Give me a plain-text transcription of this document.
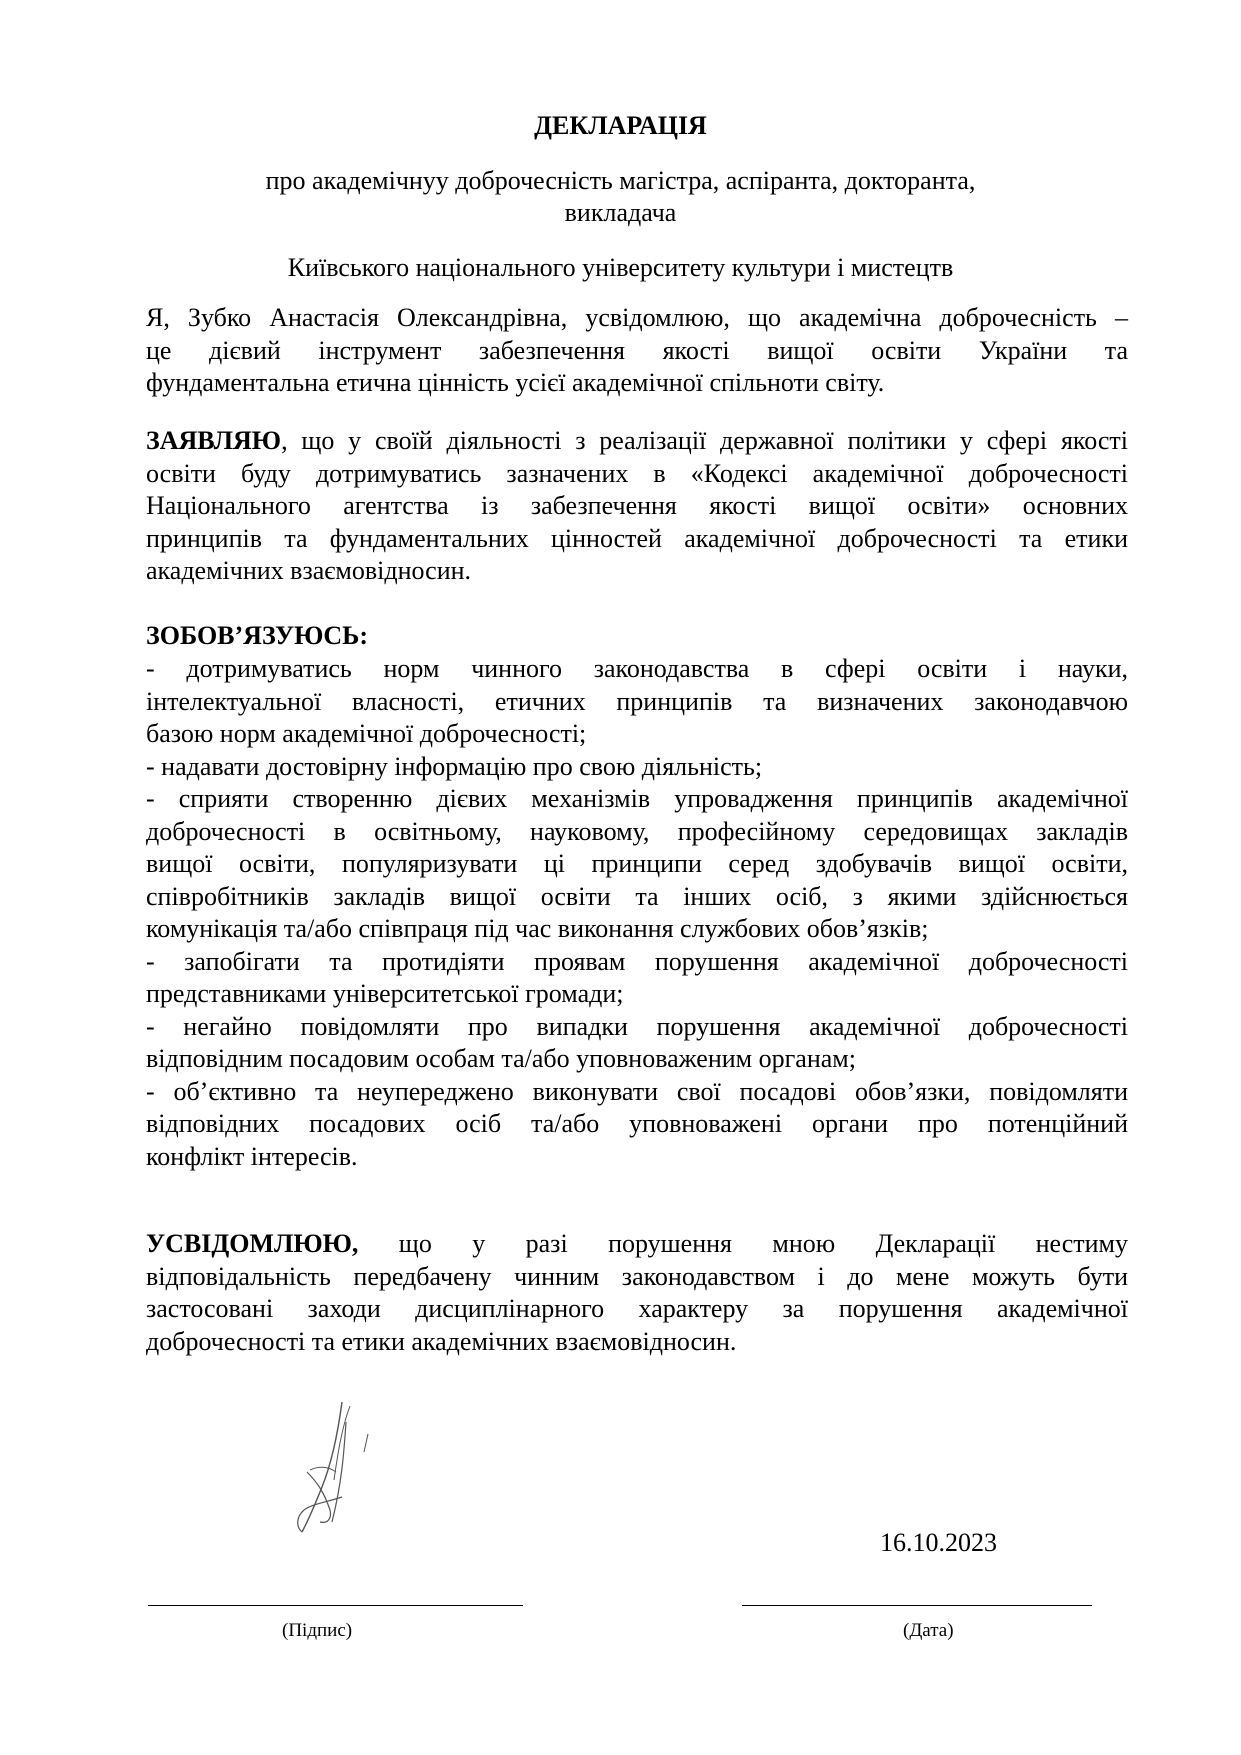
ДЕКЛАРАЦІЯ
про академічнуу доброчесність магістра, аспіранта, докторанта,
викладача
Київського національного університету культури і мистецтв
Я, Зубко Анастасія Олександрівна, усвідомлюю, що академічна доброчесність –
це дієвий інструмент забезпечення якості вищої освіти України та
фундаментальна етична цінність усієї академічної спільноти світу.
ЗАЯВЛЯЮ, що у своїй діяльності з реалізації державної політики у сфері якості
освіти буду дотримуватись зазначених в «Кодексі академічної доброчесності
Національного агентства із забезпечення якості вищої освіти» основних
принципів та фундаментальних цінностей академічної доброчесності та етики
академічних взаємовідносин.
ЗОБОВ’ЯЗУЮСЬ:
- дотримуватись норм чинного законодавства в сфері освіти і науки,
інтелектуальної власності, етичних принципів та визначених законодавчою
базою норм академічної доброчесності;
- надавати достовірну інформацію про свою діяльність;
- сприяти створенню дієвих механізмів упровадження принципів академічної
доброчесності в освітньому, науковому, професійному середовищах закладів
вищої освіти, популяризувати ці принципи серед здобувачів вищої освіти,
співробітників закладів вищої освіти та інших осіб, з якими здійснюється
комунікація та/або співпраця під час виконання службових обов’язків;
- запобігати та протидіяти проявам порушення академічної доброчесності
представниками університетської громади;
- негайно повідомляти про випадки порушення академічної доброчесності
відповідним посадовим особам та/або уповноваженим органам;
- об’єктивно та неупереджено виконувати свої посадові обов’язки, повідомляти
відповідних посадових осіб та/або уповноважені органи про потенційний
конфлікт інтересів.
УСВІДОМЛЮЮ, що у разі порушення мною Декларації нестиму
відповідальність передбачену чинним законодавством і до мене можуть бути
застосовані заходи дисциплінарного характеру за порушення академічної
доброчесності та етики академічних взаємовідносин.
16.10.2023
(Підпис)	(Дата)
